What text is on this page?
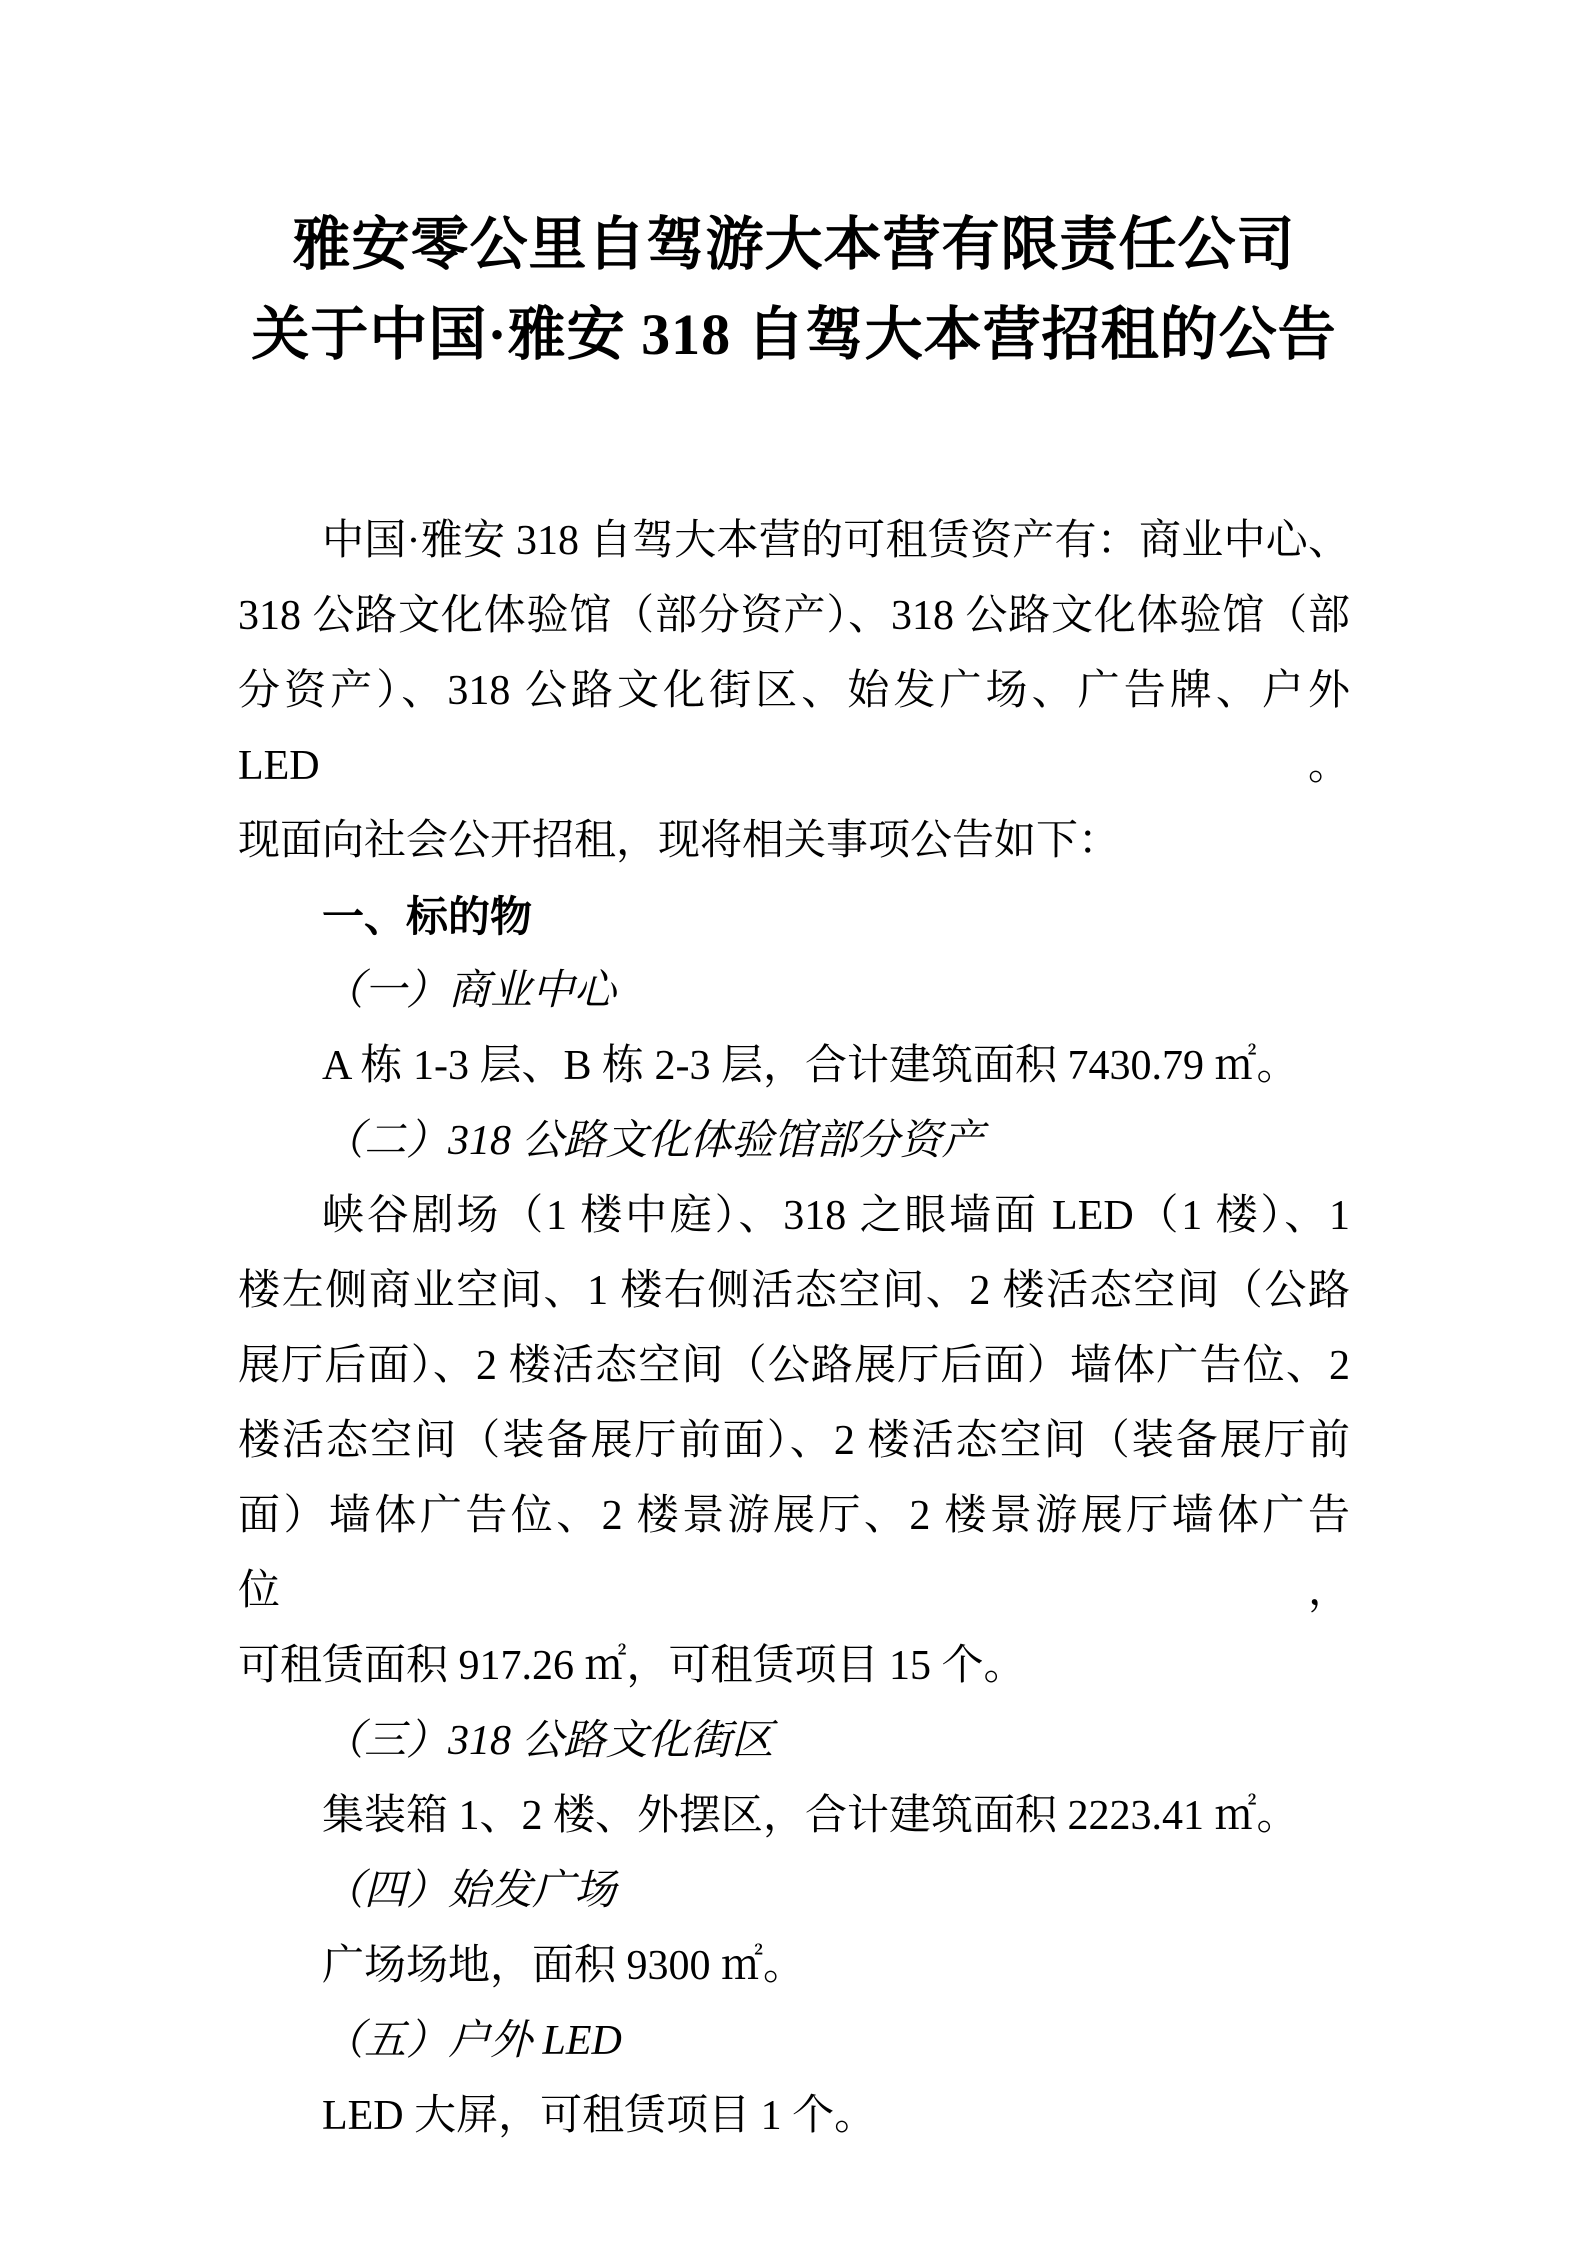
雅安零公里自驾游大本营有限责任公司
关于中国·雅安 318 自驾大本营招租的公告
中国·雅安 318 自驾大本营的可租赁资产有：商业中心、
318 公路文化体验馆（部分资产）、318 公路文化体验馆（部
分资产）、318 公路文化街区、始发广场、广告牌、户外 LED。
现面向社会公开招租，现将相关事项公告如下：
一、标的物
（一）商业中心
A 栋 1-3 层、B 栋 2-3 层，合计建筑面积 7430.79 ㎡。
（二）318 公路文化体验馆部分资产
峡谷剧场（1 楼中庭）、318 之眼墙面 LED（1 楼）、1
楼左侧商业空间、1 楼右侧活态空间、2 楼活态空间（公路
展厅后面）、2 楼活态空间（公路展厅后面）墙体广告位、2
楼活态空间（装备展厅前面）、2 楼活态空间（装备展厅前
面）墙体广告位、2 楼景游展厅、2 楼景游展厅墙体广告位，
可租赁面积 917.26 ㎡，可租赁项目 15 个。
（三）318 公路文化街区
集装箱 1、2 楼、外摆区，合计建筑面积 2223.41 ㎡。
（四）始发广场
广场场地，面积 9300 ㎡。
（五）户外 LED
LED 大屏，可租赁项目 1 个。
